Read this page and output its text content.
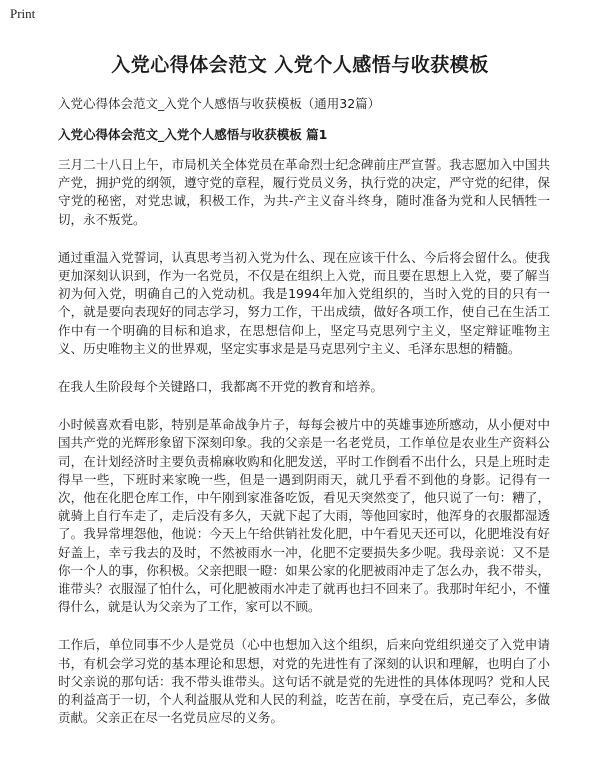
Print
入党心得体会范文 入党个人感悟与收获模板

入党心得体会范文_入党个人感悟与收获模板（通用32篇）

入党心得体会范文_入党个人感悟与收获模板 篇1

三月二十八日上午，市局机关全体党员在革命烈士纪念碑前庄严宣誓。我志愿加入中国共产党，拥护党的纲领，遵守党的章程，履行党员义务，执行党的决定，严守党的纪律，保守党的秘密，对党忠诚，积极工作，为共-产主义奋斗终身，随时准备为党和人民牺牲一切，永不叛党。

通过重温入党誓词，认真思考当初入党为什么、现在应该干什么、今后将会留什么。使我更加深刻认识到，作为一名党员，不仅是在组织上入党，而且要在思想上入党，要了解当初为何入党，明确自己的入党动机。我是1994年加入党组织的，当时入党的目的只有一个，就是要向表现好的同志学习，努力工作，干出成绩，做好各项工作，使自己在生活工作中有一个明确的目标和追求，在思想信仰上，坚定马克思列宁主义，坚定辩证唯物主义、历史唯物主义的世界观，坚定实事求是是马克思列宁主义、毛泽东思想的精髓。

在我人生阶段每个关键路口，我都离不开党的教育和培养。

小时候喜欢看电影，特别是革命战争片子，每每会被片中的英雄事迹所感动，从小便对中国共产党的光辉形象留下深刻印象。我的父亲是一名老党员，工作单位是农业生产资料公司，在计划经济时主要负责棉麻收购和化肥发送，平时工作倒看不出什么，只是上班时走得早一些，下班时来家晚一些，但是一遇到阴雨天，就几乎看不到他的身影。记得有一次，他在化肥仓库工作，中午刚到家准备吃饭，看见天突然变了，他只说了一句：糟了，就骑上自行车走了，走后没有多久，天就下起了大雨，等他回家时，他浑身的衣服都湿透了。我异常埋怨他，他说：今天上午给供销社发化肥，中午看见天还可以，化肥堆没有好好盖上，幸亏我去的及时，不然被雨水一冲，化肥不定要损失多少呢。我母亲说：又不是你一个人的事，你积极。父亲把眼一瞪：如果公家的化肥被雨冲走了怎么办，我不带头，谁带头？衣服湿了怕什么，可化肥被雨水冲走了就再也扫不回来了。我那时年纪小，不懂得什么，就是认为父亲为了工作，家可以不顾。

工作后，单位同事不少人是党员（心中也想加入这个组织，后来向党组织递交了入党申请书，有机会学习党的基本理论和思想，对党的先进性有了深刻的认识和理解，也明白了小时父亲说的那句话：我不带头谁带头。这句话不就是党的先进性的具体体现吗？党和人民的利益高于一切，个人利益服从党和人民的利益，吃苦在前，享受在后，克己奉公，多做贡献。父亲正在尽一名党员应尽的义务。
